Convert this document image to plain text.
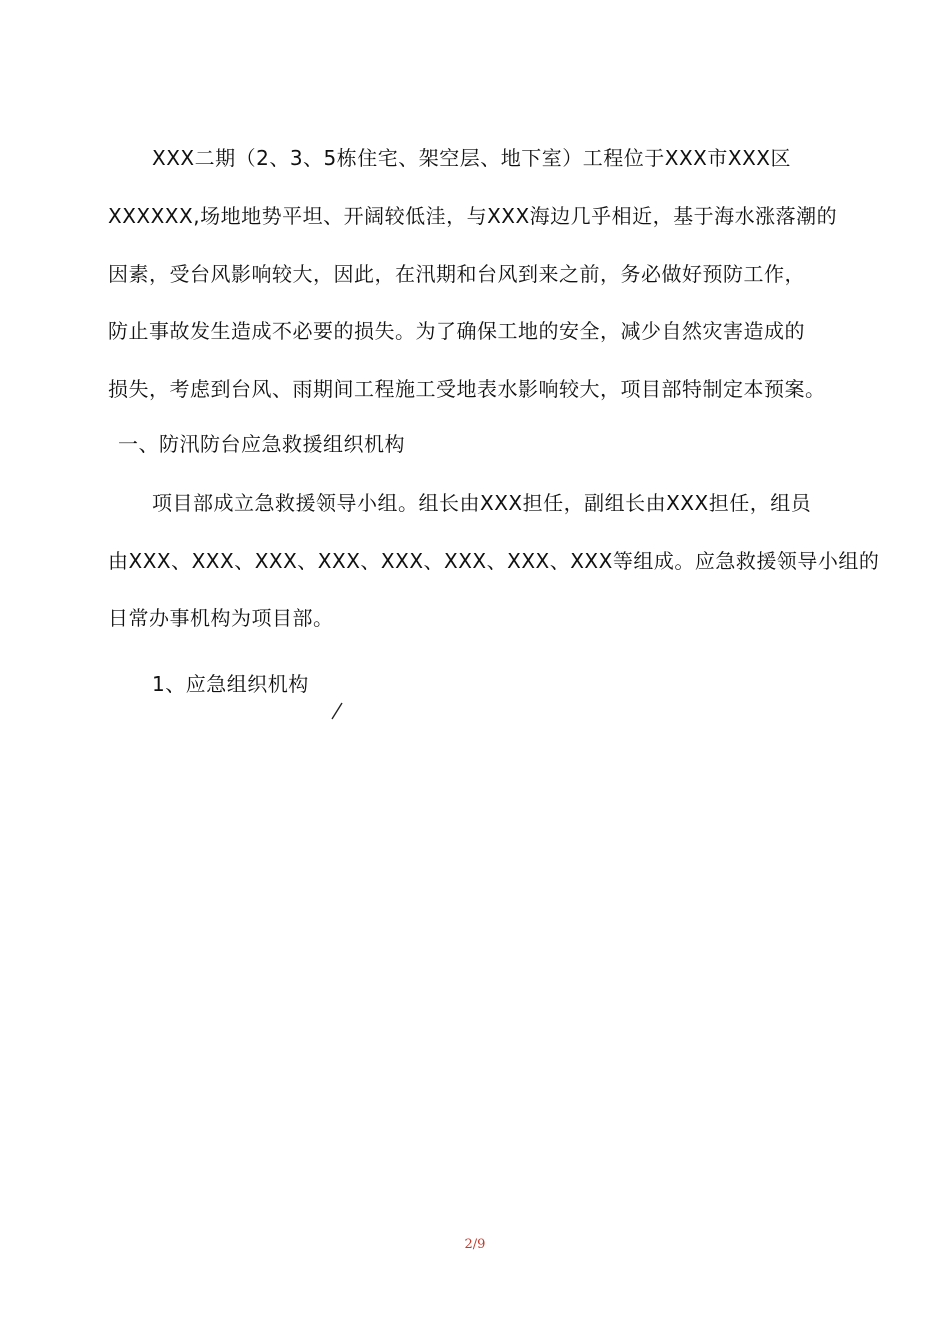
XXX二期（2、3、5栋住宅、架空层、地下室）工程位于XXX市XXX区
XXXXXX,场地地势平坦、开阔较低洼，与XXX海边几乎相近，基于海水涨落潮的
因素，受台风影响较大，因此，在汛期和台风到来之前，务必做好预防工作，
防止事故发生造成不必要的损失。为了确保工地的安全，减少自然灾害造成的
损失，考虑到台风、雨期间工程施工受地表水影响较大，项目部特制定本预案。
一、防汛防台应急救援组织机构
项目部成立急救援领导小组。组长由XXX担任，副组长由XXX担任，组员
由XXX、XXX、XXX、XXX、XXX、XXX、XXX、XXX等组成。应急救援领导小组的
日常办事机构为项目部。
1、应急组织机构
2/9
